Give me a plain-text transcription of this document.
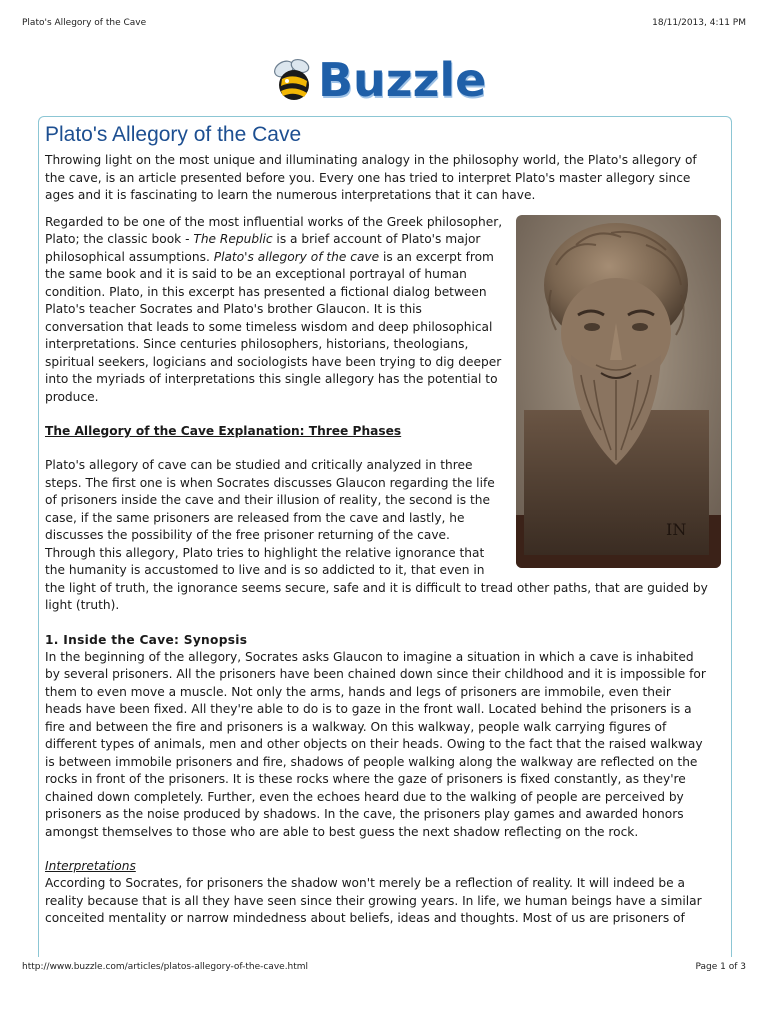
Plato's Allegory of the Cave	18/11/2013, 4:11 PM
Buzzle
Plato's Allegory of the Cave

Throwing light on the most unique and illuminating analogy in the philosophy world, the Plato's allegory of the cave, is an article presented before you. Every one has tried to interpret Plato's master allegory since ages and it is fascinating to learn the numerous interpretations that it can have.

IN

Regarded to be one of the most influential works of the Greek philosopher, Plato; the classic book - The Republic is a brief account of Plato's major philosophical assumptions. Plato's allegory of the cave is an excerpt from the same book and it is said to be an exceptional portrayal of human condition. Plato, in this excerpt has presented a fictional dialog between Plato's teacher Socrates and Plato's brother Glaucon. It is this conversation that leads to some timeless wisdom and deep philosophical interpretations. Since centuries philosophers, historians, theologians, spiritual seekers, logicians and sociologists have been trying to dig deeper into the myriads of interpretations this single allegory has the potential to produce.

The Allegory of the Cave Explanation: Three Phases

Plato's allegory of cave can be studied and critically analyzed in three steps. The first one is when Socrates discusses Glaucon regarding the life of prisoners inside the cave and their illusion of reality, the second is the case, if the same prisoners are released from the cave and lastly, he discusses the possibility of the free prisoner returning of the cave. Through this allegory, Plato tries to highlight the relative ignorance that the humanity is accustomed to live and is so addicted to it, that even in the light of truth, the ignorance seems secure, safe and it is difficult to tread other paths, that are guided by light (truth).

1. Inside the Cave: Synopsis

In the beginning of the allegory, Socrates asks Glaucon to imagine a situation in which a cave is inhabited by several prisoners. All the prisoners have been chained down since their childhood and it is impossible for them to even move a muscle. Not only the arms, hands and legs of prisoners are immobile, even their heads have been fixed. All they're able to do is to gaze in the front wall. Located behind the prisoners is a fire and between the fire and prisoners is a walkway. On this walkway, people walk carrying figures of different types of animals, men and other objects on their heads. Owing to the fact that the raised walkway is between immobile prisoners and fire, shadows of people walking along the walkway are reflected on the rocks in front of the prisoners. It is these rocks where the gaze of prisoners is fixed constantly, as they're chained down completely. Further, even the echoes heard due to the walking of people are perceived by prisoners as the noise produced by shadows. In the cave, the prisoners play games and awarded honors amongst themselves to those who are able to best guess the next shadow reflecting on the rock.

Interpretations

According to Socrates, for prisoners the shadow won't merely be a reflection of reality. It will indeed be a reality because that is all they have seen since their growing years. In life, we human beings have a similar conceited mentality or narrow mindedness about beliefs, ideas and thoughts. Most of us are prisoners of

http://www.buzzle.com/articles/platos-allegory-of-the-cave.html	Page 1 of 3
